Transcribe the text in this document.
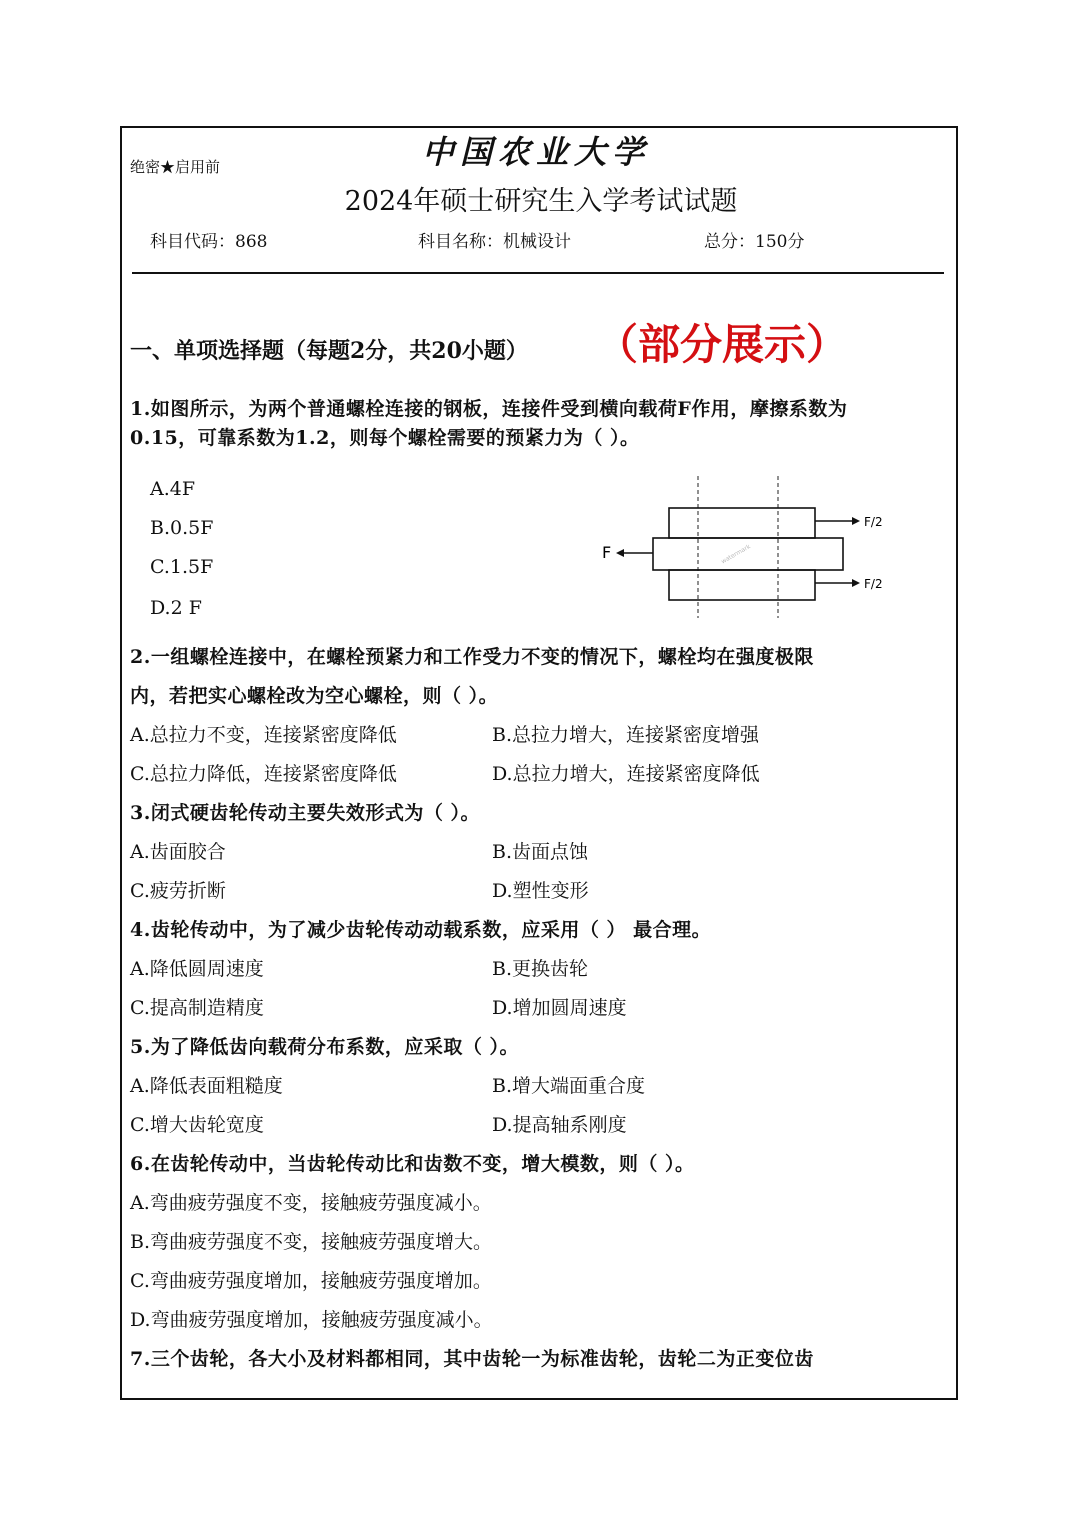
绝密★启用前	中国农业大学
2024年硕士研究生入学考试试题
科目代码：868	科目名称：机械设计	总分：150分
一、单项选择题（每题2分，共20小题） （部分展示）
1.如图所示，为两个普通螺栓连接的钢板，连接件受到横向载荷F作用，摩擦系数为
0.15，可靠系数为1.2，则每个螺栓需要的预紧力为（ ）。
A.4F
B.0.5F
C.1.5F
D.2 F
F
F/2
F/2
watermark
2.一组螺栓连接中，在螺栓预紧力和工作受力不变的情况下，螺栓均在强度极限
内，若把实心螺栓改为空心螺栓，则（ ）。
A.总拉力不变，连接紧密度降低	B.总拉力增大，连接紧密度增强
C.总拉力降低，连接紧密度降低	D.总拉力增大，连接紧密度降低
3.闭式硬齿轮传动主要失效形式为（ ）。
A.齿面胶合	B.齿面点蚀
C.疲劳折断	D.塑性变形
4.齿轮传动中，为了减少齿轮传动动载系数，应采用（ ） 最合理。
A.降低圆周速度	B.更换齿轮
C.提高制造精度	D.增加圆周速度
5.为了降低齿向载荷分布系数，应采取（ ）。
A.降低表面粗糙度	B.增大端面重合度
C.增大齿轮宽度	D.提高轴系刚度
6.在齿轮传动中，当齿轮传动比和齿数不变，增大模数，则（ ）。
A.弯曲疲劳强度不变，接触疲劳强度减小。
B.弯曲疲劳强度不变，接触疲劳强度增大。
C.弯曲疲劳强度增加，接触疲劳强度增加。
D.弯曲疲劳强度增加，接触疲劳强度减小。
7.三个齿轮，各大小及材料都相同，其中齿轮一为标准齿轮，齿轮二为正变位齿
